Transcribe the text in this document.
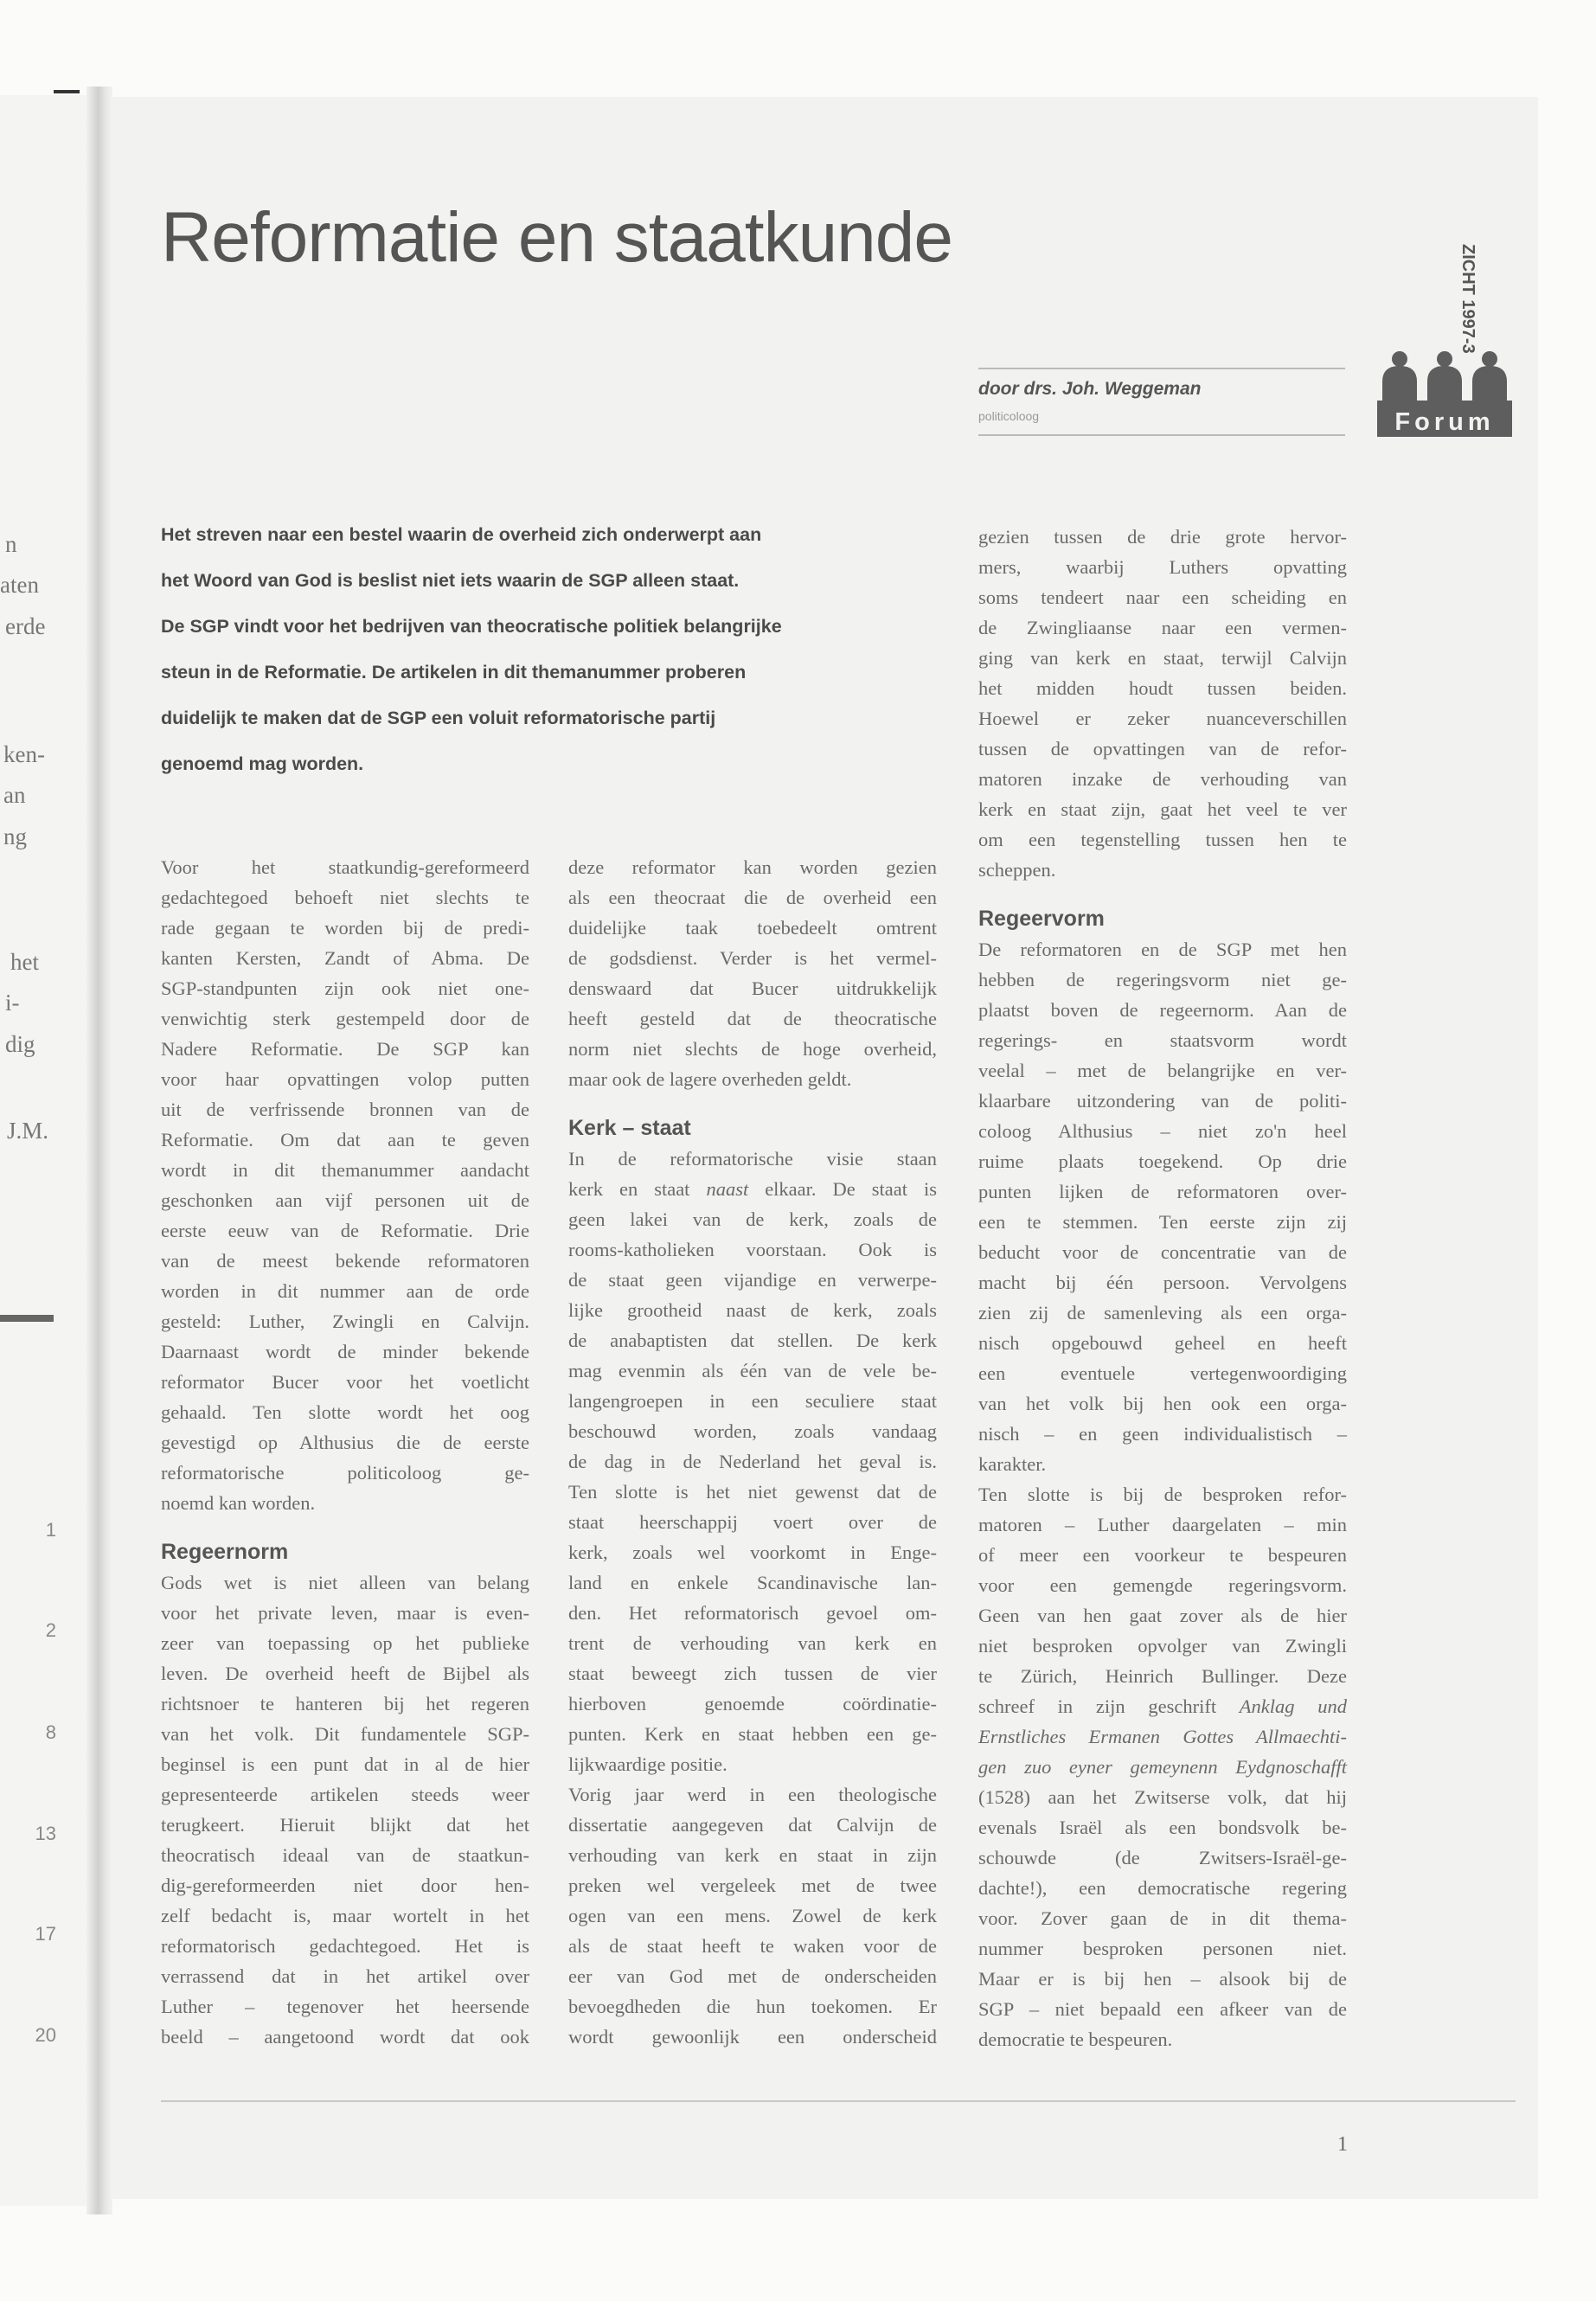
n
aten
erde
ken-
an
ng
het
i-
dig
J.M.
1
2
8
13
17
20
Reformatie en staatkunde
door drs. Joh. Weggeman
politicoloog
ZICHT 1997-3
Forum
Het streven naar een bestel waarin de overheid zich onderwerpt aan
het Woord van God is beslist niet iets waarin de SGP alleen staat.
De SGP vindt voor het bedrijven van theocratische politiek belangrijke
steun in de Reformatie. De artikelen in dit themanummer proberen
duidelijk te maken dat de SGP een voluit reformatorische partij
genoemd mag worden.
Voor het staatkundig-gereformeerd
gedachtegoed behoeft niet slechts te
rade gegaan te worden bij de predi-
kanten Kersten, Zandt of Abma. De
SGP-standpunten zijn ook niet one-
venwichtig sterk gestempeld door de
Nadere Reformatie. De SGP kan
voor haar opvattingen volop putten
uit de verfrissende bronnen van de
Reformatie. Om dat aan te geven
wordt in dit themanummer aandacht
geschonken aan vijf personen uit de
eerste eeuw van de Reformatie. Drie
van de meest bekende reformatoren
worden in dit nummer aan de orde
gesteld: Luther, Zwingli en Calvijn.
Daarnaast wordt de minder bekende
reformator Bucer voor het voetlicht
gehaald. Ten slotte wordt het oog
gevestigd op Althusius die de eerste
reformatorische politicoloog ge-
noemd kan worden.
Regeernorm
Gods wet is niet alleen van belang
voor het private leven, maar is even-
zeer van toepassing op het publieke
leven. De overheid heeft de Bijbel als
richtsnoer te hanteren bij het regeren
van het volk. Dit fundamentele SGP-
beginsel is een punt dat in al de hier
gepresenteerde artikelen steeds weer
terugkeert. Hieruit blijkt dat het
theocratisch ideaal van de staatkun-
dig-gereformeerden niet door hen-
zelf bedacht is, maar wortelt in het
reformatorisch gedachtegoed. Het is
verrassend dat in het artikel over
Luther – tegenover het heersende
beeld – aangetoond wordt dat ook
deze reformator kan worden gezien
als een theocraat die de overheid een
duidelijke taak toebedeelt omtrent
de godsdienst. Verder is het vermel-
denswaard dat Bucer uitdrukkelijk
heeft gesteld dat de theocratische
norm niet slechts de hoge overheid,
maar ook de lagere overheden geldt.
Kerk – staat
In de reformatorische visie staan
kerk en staat naast elkaar. De staat is
geen lakei van de kerk, zoals de
rooms-katholieken voorstaan. Ook is
de staat geen vijandige en verwerpe-
lijke grootheid naast de kerk, zoals
de anabaptisten dat stellen. De kerk
mag evenmin als één van de vele be-
langengroepen in een seculiere staat
beschouwd worden, zoals vandaag
de dag in de Nederland het geval is.
Ten slotte is het niet gewenst dat de
staat heerschappij voert over de
kerk, zoals wel voorkomt in Enge-
land en enkele Scandinavische lan-
den. Het reformatorisch gevoel om-
trent de verhouding van kerk en
staat beweegt zich tussen de vier
hierboven genoemde coördinatie-
punten. Kerk en staat hebben een ge-
lijkwaardige positie.
Vorig jaar werd in een theologische
dissertatie aangegeven dat Calvijn de
verhouding van kerk en staat in zijn
preken wel vergeleek met de twee
ogen van een mens. Zowel de kerk
als de staat heeft te waken voor de
eer van God met de onderscheiden
bevoegdheden die hun toekomen. Er
wordt gewoonlijk een onderscheid
gezien tussen de drie grote hervor-
mers, waarbij Luthers opvatting
soms tendeert naar een scheiding en
de Zwingliaanse naar een vermen-
ging van kerk en staat, terwijl Calvijn
het midden houdt tussen beiden.
Hoewel er zeker nuanceverschillen
tussen de opvattingen van de refor-
matoren inzake de verhouding van
kerk en staat zijn, gaat het veel te ver
om een tegenstelling tussen hen te
scheppen.
Regeervorm
De reformatoren en de SGP met hen
hebben de regeringsvorm niet ge-
plaatst boven de regeernorm. Aan de
regerings- en staatsvorm wordt
veelal – met de belangrijke en ver-
klaarbare uitzondering van de politi-
coloog Althusius – niet zo'n heel
ruime plaats toegekend. Op drie
punten lijken de reformatoren over-
een te stemmen. Ten eerste zijn zij
beducht voor de concentratie van de
macht bij één persoon. Vervolgens
zien zij de samenleving als een orga-
nisch opgebouwd geheel en heeft
een eventuele vertegenwoordiging
van het volk bij hen ook een orga-
nisch – en geen individualistisch –
karakter.
Ten slotte is bij de besproken refor-
matoren – Luther daargelaten – min
of meer een voorkeur te bespeuren
voor een gemengde regeringsvorm.
Geen van hen gaat zover als de hier
niet besproken opvolger van Zwingli
te Zürich, Heinrich Bullinger. Deze
schreef in zijn geschrift Anklag und
Ernstliches Ermanen Gottes Allmaechti-
gen zuo eyner gemeynenn Eydgnoschafft
(1528) aan het Zwitserse volk, dat hij
evenals Israël als een bondsvolk be-
schouwde (de Zwitsers-Israël-ge-
dachte!), een democratische regering
voor. Zover gaan de in dit thema-
nummer besproken personen niet.
Maar er is bij hen – alsook bij de
SGP – niet bepaald een afkeer van de
democratie te bespeuren.
1
